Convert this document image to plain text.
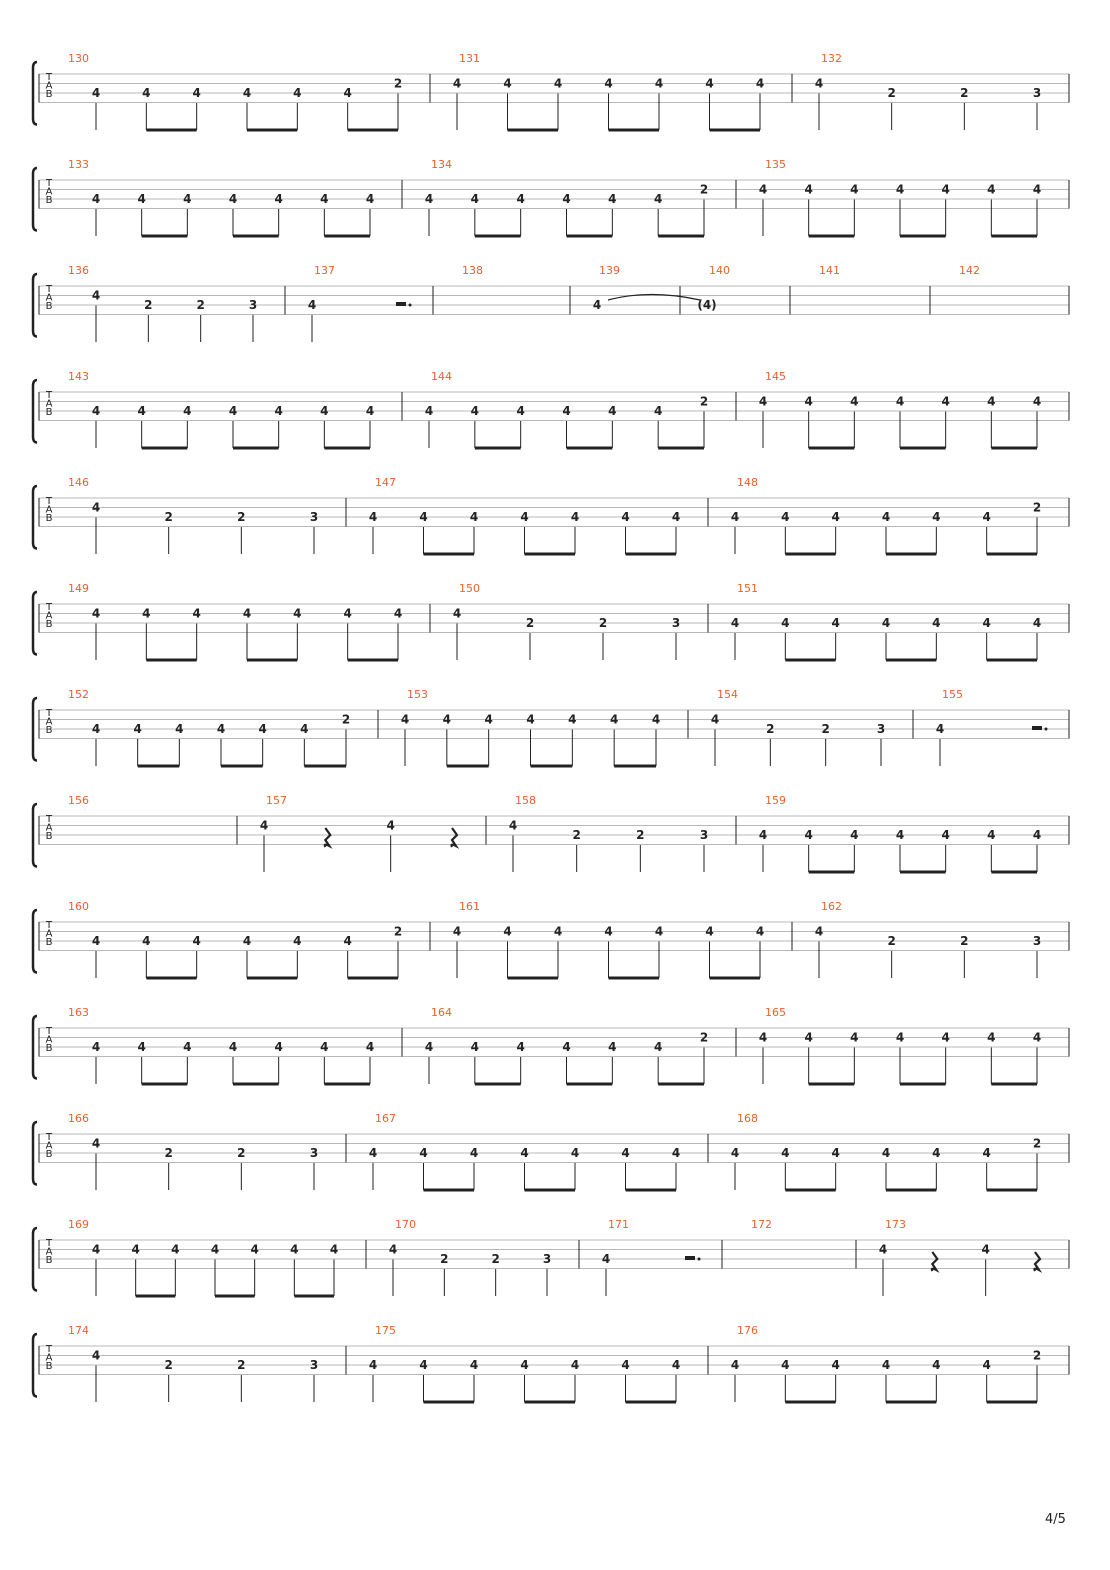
T
A
B
130
4	4	4	4	4	4
2
131
4	4	4	4	4	4	4
132
4
2	2	3
T
A
B
133
4	4	4	4	4	4	4
134
4	4	4	4	4	4
2
135
4	4	4	4	4	4	4
T
A
B
136
4
2	2	3
137
4
138	139
4
140
(4)
141	142
T
A
B
143
4	4	4	4	4	4	4
144
4	4	4	4	4	4
2
145
4	4	4	4	4	4	4
T
A
B
146
4
2	2	3
147
4	4	4	4	4	4	4
148
4	4	4	4	4	4
2
T
A
B
149
4	4	4	4	4	4	4
150
4
2	2	3
151
4	4	4	4	4	4	4
T
A
B
152
4	4	4	4	4	4
2
153
4	4	4	4	4	4	4
154
4
2	2	3
155
4
T
A
B
156	157
4	4
158
4
2	2	3
159
4	4	4	4	4	4	4
T
A
B
160
4	4	4	4	4	4
2
161
4	4	4	4	4	4	4
162
4
2	2	3
T
A
B
163
4	4	4	4	4	4	4
164
4	4	4	4	4	4
2
165
4	4	4	4	4	4	4
T
A
B
166
4
2	2	3
167
4	4	4	4	4	4	4
168
4	4	4	4	4	4
2
T
A
B
169
4	4	4	4	4	4	4
170
4
2	2	3
171
4
172	173
4	4
T
A
B
174
4
2	2	3
175
4	4	4	4	4	4	4
176
4	4	4	4	4	4
2
4/5
